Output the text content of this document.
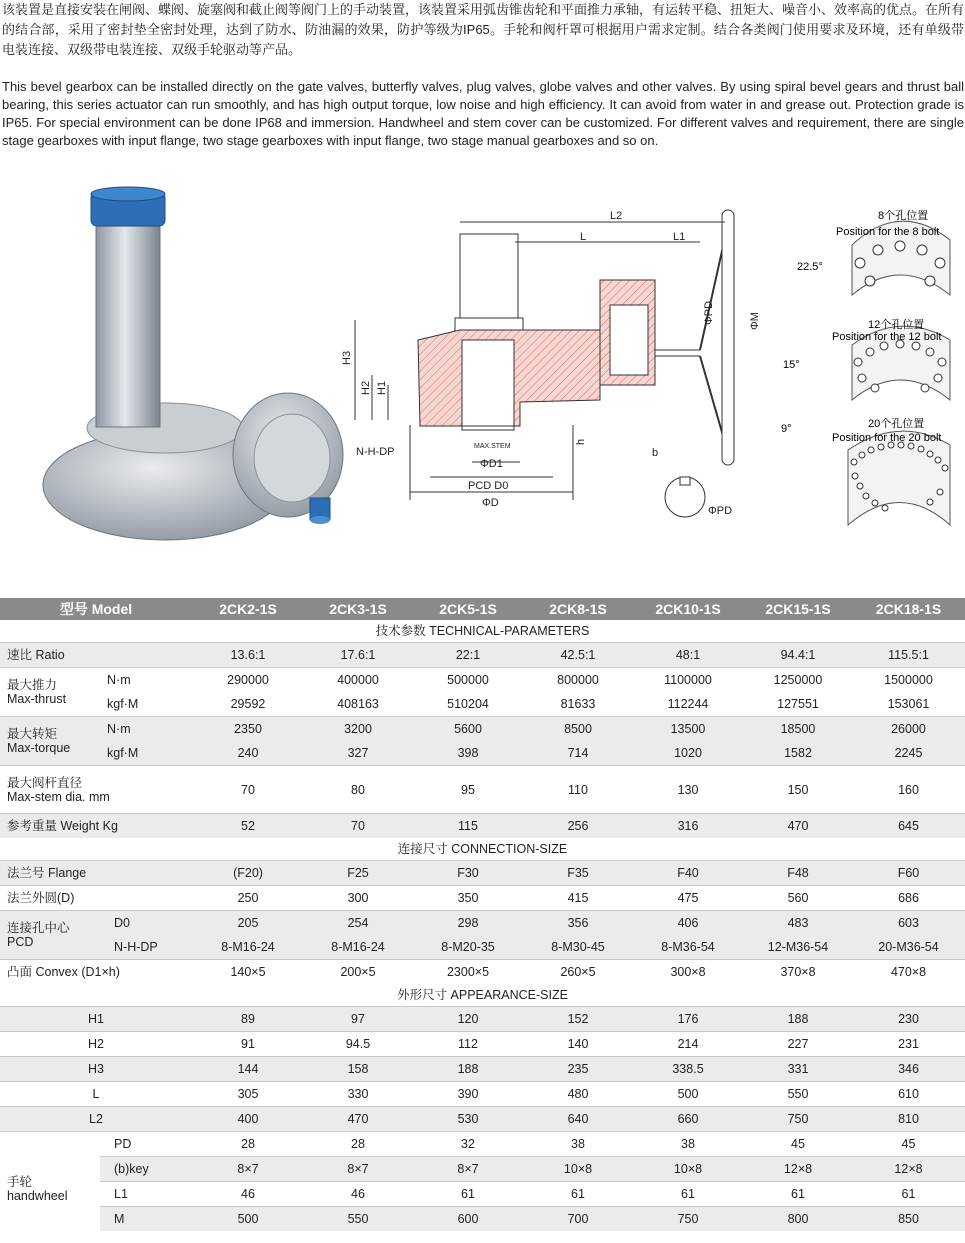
该装置是直接安装在闸阀、蝶阀、旋塞阀和截止阀等阀门上的手动装置，该装置采用弧齿锥齿轮和平面推力承轴，有运转平稳、扭矩大、噪音小、效率高的优点。在所有的结合部，采用了密封垫全密封处理，达到了防水、防油漏的效果，防护等级为IP65。手轮和阀杆罩可根据用户需求定制。结合各类阀门使用要求及环境，还有单级带电装连接、双级带电装连接、双级手轮驱动等产品。
This bevel gearbox can be installed directly on the gate valves, butterfly valves, plug valves, globe valves and other valves. By using spiral bevel gears and thrust ball bearing, this series actuator can run smoothly, and has high output torque, low noise and high efficiency. It can avoid from water in and grease out. Protection grade is IP65. For special environment can be done IP68 and immersion. Handwheel and stem cover can be customized. For different valves and requirement, there are single stage gearboxes with input flange, two stage gearboxes with input flange, two stage manual gearboxes and so on.
L2
L	L1
ΦPD	ΦM
H3
H2 H1
N-H-DP	MAX.STEM
ΦD1
PCD D0
ΦD
h
b
ΦPD
8个孔位置
Position for the 8 bolt
22.5°
12个孔位置
Position for the 12 bolt
15°
20个孔位置
Position for the 20 bolt
9°
型号 Model		2CK2-1S	2CK3-1S	2CK5-1S	2CK8-1S	2CK10-1S	2CK15-1S	2CK18-1S
技术参数 TECHNICAL-PARAMETERS								
速比 Ratio		13.6:1	17.6:1	22:1	42.5:1	48:1	94.4:1	115.5:1

最大推力
Max-thrust	N·m	290000	400000	500000	800000	1100000	1250000	1500000
	kgf·M	29592	408163	510204	81633	112244	127551	153061

最大转矩
Max-torque	N·m	2350	3200	5600	8500	13500	18500	26000
	kgf·M	240	327	398	714	1020	1582	2245

最大阀杆直径
Max-stem dia. mm		70	80	95	110	130	150	160
参考重量 Weight Kg		52	70	115	256	316	470	645
连接尺寸 CONNECTION-SIZE								
法兰号 Flange		(F20)	F25	F30	F35	F40	F48	F60
法兰外圆(D)		250	300	350	415	475	560	686

连接孔中心
PCD	D0	205	254	298	356	406	483	603
	N-H-DP	8-M16-24	8-M16-24	8-M20-35	8-M30-45	8-M36-54	12-M36-54	20-M36-54
凸面 Convex (D1×h)		140×5	200×5	2300×5	260×5	300×8	370×8	470×8
外形尺寸 APPEARANCE-SIZE								
H1		89	97	120	152	176	188	230
H2		91	94.5	112	140	214	227	231
H3		144	158	188	235	338.5	331	346
L		305	330	390	480	500	550	610
L2		400	470	530	640	660	750	810

手轮
handwheel	PD	28	28	32	38	38	45	45
	(b)key	8×7	8×7	8×7	10×8	10×8	12×8	12×8
	L1	46	46	61	61	61	61	61
	M	500	550	600	700	750	800	850
